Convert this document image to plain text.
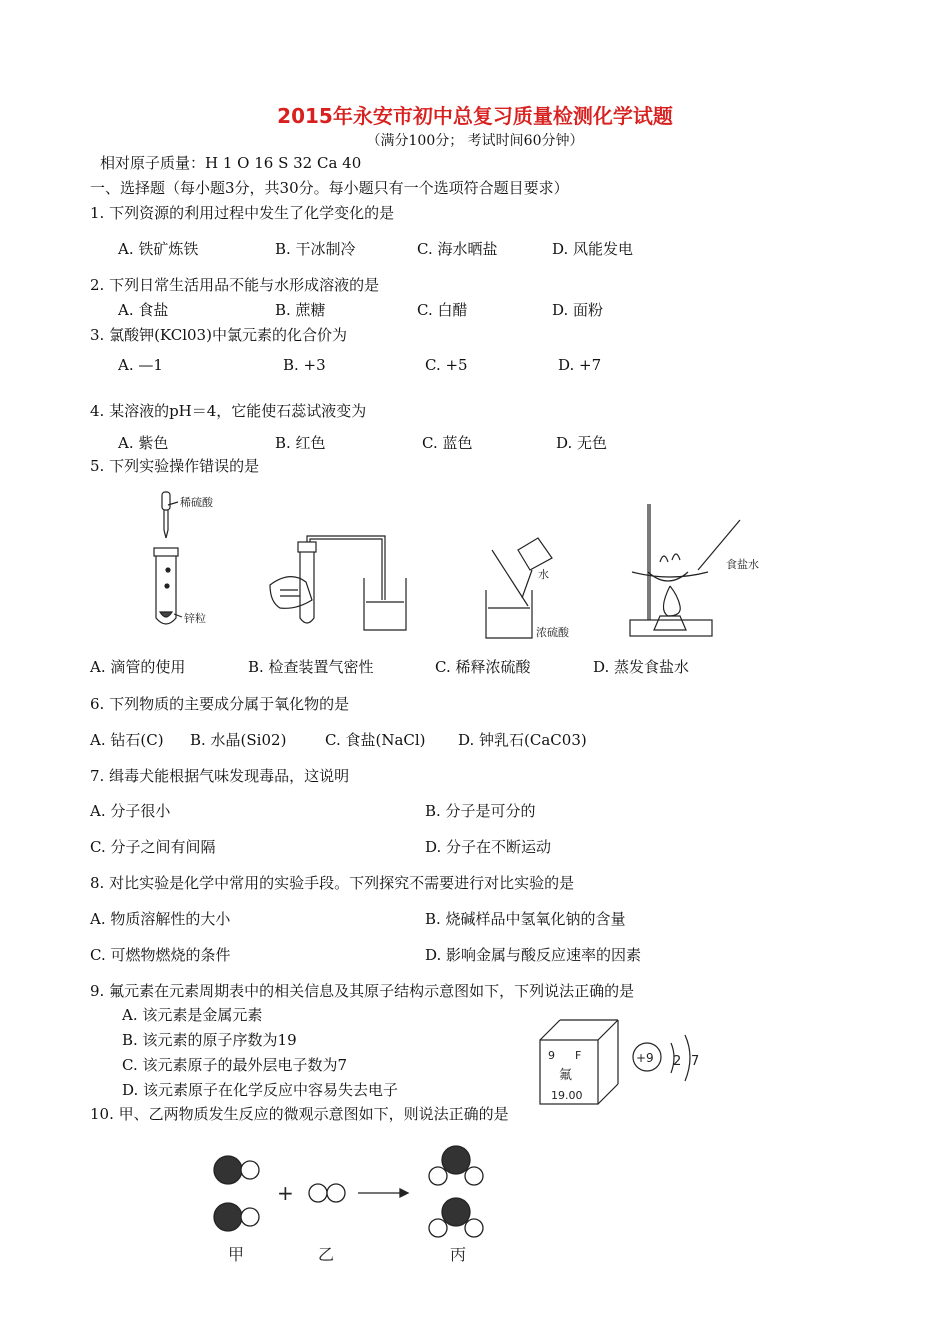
2015年永安市初中总复习质量检测化学试题
（满分100分； 考试时间60分钟）
相对原子质量：H 1 O 16 S 32 Ca 40
一、选择题（每小题3分，共30分。每小题只有一个选项符合题目要求）
1. 下列资源的利用过程中发生了化学变化的是
A. 铁矿炼铁	B. 干冰制冷	C. 海水晒盐	D. 风能发电
2. 下列日常生活用品不能与水形成溶液的是
A. 食盐	B. 蔗糖	C. 白醋	D. 面粉
3. 氯酸钾(KCl03)中氯元素的化合价为
A. —1	B. +3	C. +5	D. +7
4. 某溶液的pH＝4，它能使石蕊试液变为
A. 紫色	B. 红色	C. 蓝色	D. 无色
5. 下列实验操作错误的是
稀硫酸
锌粒
水
浓硫酸
食盐水
A. 滴管的使用	B. 检查装置气密性	C. 稀释浓硫酸	D. 蒸发食盐水
6. 下列物质的主要成分属于氧化物的是
A. 钻石(C) B. 水晶(Si02)	C. 食盐(NaCl) D. 钟乳石(CaC03)
7. 缉毒犬能根据气味发现毒品，这说明
A. 分子很小	B. 分子是可分的
C. 分子之间有间隔	D. 分子在不断运动
8. 对比实验是化学中常用的实验手段。下列探究不需要进行对比实验的是
A. 物质溶解性的大小	B. 烧碱样品中氢氧化钠的含量
C. 可燃物燃烧的条件	D. 影响金属与酸反应速率的因素
9. 氟元素在元素周期表中的相关信息及其原子结构示意图如下，下列说法正确的是
A. 该元素是金属元素
B. 该元素的原子序数为19
C. 该元素原子的最外层电子数为7
D. 该元素原子在化学反应中容易失去电子
9 F
氟
19.00
+9 2 7
10. 甲、乙两物质发生反应的微观示意图如下，则说法正确的是
+
甲	乙	丙
